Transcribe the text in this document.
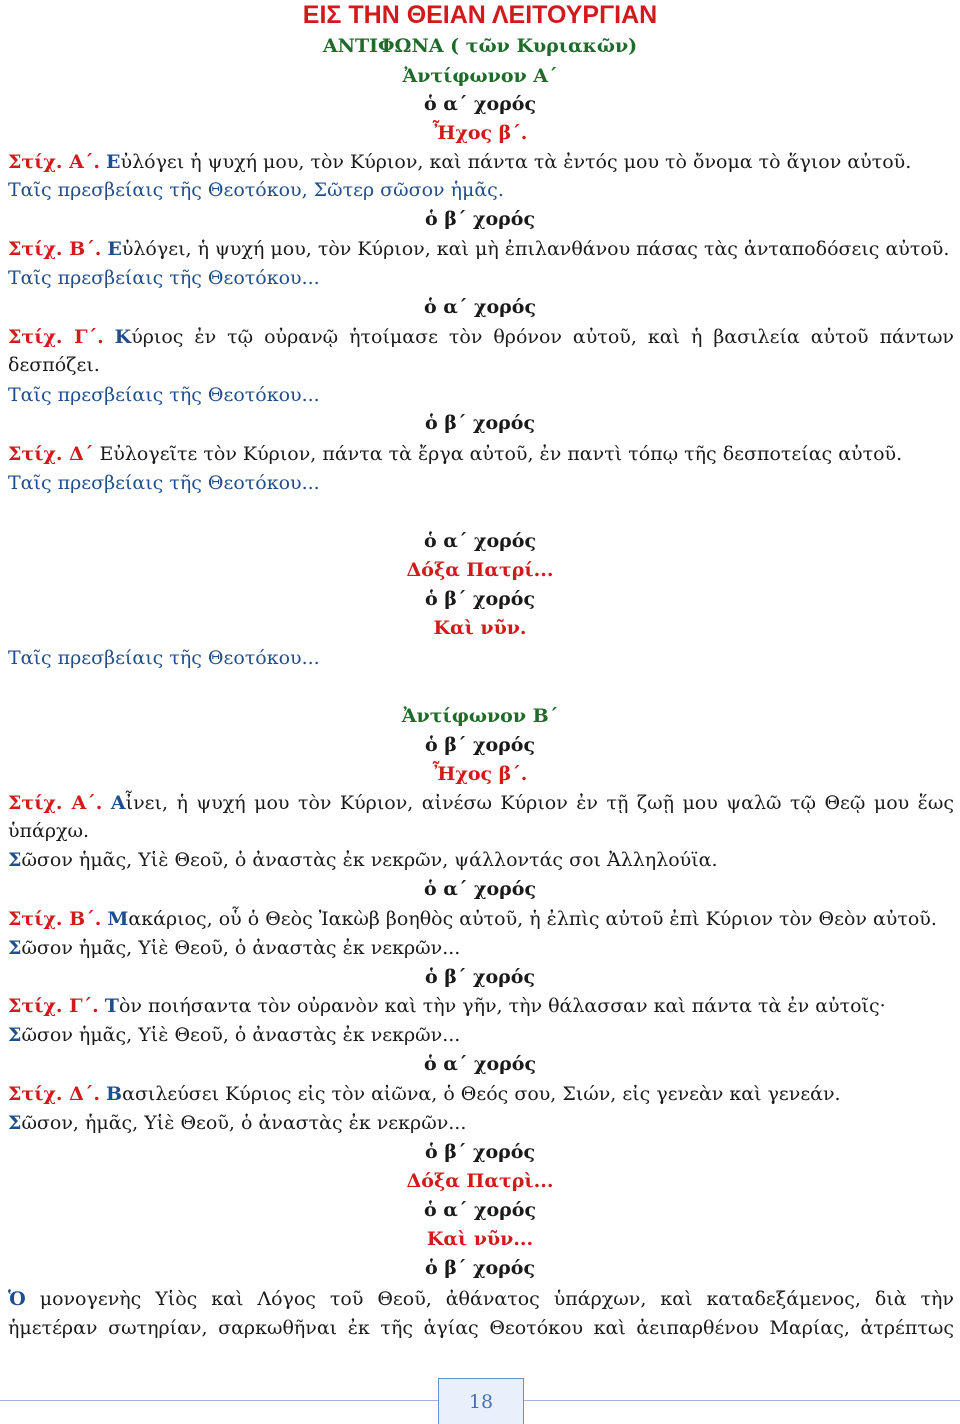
ΕΙΣ ΤΗΝ ΘΕΙΑΝ ΛΕΙΤΟΥΡΓΙΑΝ
ΑΝΤΙΦΩΝΑ ( τῶν Κυριακῶν)
Ἀντίφωνον Α΄
ὁ α΄ χορός
Ἦχος β΄.
Στίχ. Α΄. Εὐλόγει ἡ ψυχή μου, τὸν Κύριον, καὶ πάντα τὰ ἐντός μου τὸ ὄνομα τὸ ἅγιον αὐτοῦ.
Ταῖς πρεσβείαις τῆς Θεοτόκου, Σῶτερ σῶσον ἡμᾶς.
ὁ β΄ χορός
Στίχ. Β΄. Εὐλόγει, ἡ ψυχή μου, τὸν Κύριον, καὶ μὴ ἐπιλανθάνου πάσας τὰς ἀνταποδόσεις αὐτοῦ.
Ταῖς πρεσβείαις τῆς Θεοτόκου...
ὁ α΄ χορός
Στίχ. Γ΄. Κύριος ἐν τῷ οὐρανῷ ἡτοίμασε τὸν θρόνον αὐτοῦ, καὶ ἡ βασιλεία αὐτοῦ πάντων
δεσπόζει.
Ταῖς πρεσβείαις τῆς Θεοτόκου...
ὁ β΄ χορός
Στίχ. Δ΄ Εὐλογεῖτε τὸν Κύριον, πάντα τὰ ἔργα αὐτοῦ, ἐν παντὶ τόπῳ τῆς δεσποτείας αὐτοῦ.
Ταῖς πρεσβείαις τῆς Θεοτόκου...
ὁ α΄ χορός
Δόξα Πατρί...
ὁ β΄ χορός
Καὶ νῦν.
Ταῖς πρεσβείαις τῆς Θεοτόκου...
Ἀντίφωνον Β΄
ὁ β΄ χορός
Ἦχος β΄.
Στίχ. Α΄. Αἶνει, ἡ ψυχή μου τὸν Κύριον, αἰνέσω Κύριον ἐν τῇ ζωῇ μου ψαλῶ τῷ Θεῷ μου ἕως
ὑπάρχω.
Σῶσον ἡμᾶς, Υἱὲ Θεοῦ, ὁ ἀναστὰς ἐκ νεκρῶν, ψάλλοντάς σοι Ἀλληλούϊα.
ὁ α΄ χορός
Στίχ. Β΄. Μακάριος, οὗ ὁ Θεὸς Ἰακὼβ βοηθὸς αὐτοῦ, ἡ ἐλπὶς αὐτοῦ ἐπὶ Κύριον τὸν Θεὸν αὐτοῦ.
Σῶσον ἡμᾶς, Υἱὲ Θεοῦ, ὁ ἀναστὰς ἐκ νεκρῶν...
ὁ β΄ χορός
Στίχ. Γ΄. Τὸν ποιήσαντα τὸν οὐρανὸν καὶ τὴν γῆν, τὴν θάλασσαν καὶ πάντα τὰ ἐν αὐτοῖς·
Σῶσον ἡμᾶς, Υἱὲ Θεοῦ, ὁ ἀναστὰς ἐκ νεκρῶν...
ὁ α΄ χορός
Στίχ. Δ΄. Βασιλεύσει Κύριος εἰς τὸν αἰῶνα, ὁ Θεός σου, Σιών, εἰς γενεὰν καὶ γενεάν.
Σῶσον, ἡμᾶς, Υἱὲ Θεοῦ, ὁ ἀναστὰς ἐκ νεκρῶν...
ὁ β΄ χορός
Δόξα Πατρὶ...
ὁ α΄ χορός
Καὶ νῦν...
ὁ β΄ χορός
Ὁ μονογενὴς Υἱὸς καὶ Λόγος τοῦ Θεοῦ, ἀθάνατος ὑπάρχων, καὶ καταδεξάμενος, διὰ τὴν
ἡμετέραν σωτηρίαν, σαρκωθῆναι ἐκ τῆς ἁγίας Θεοτόκου καὶ ἀειπαρθένου Μαρίας, ἀτρέπτως
18
